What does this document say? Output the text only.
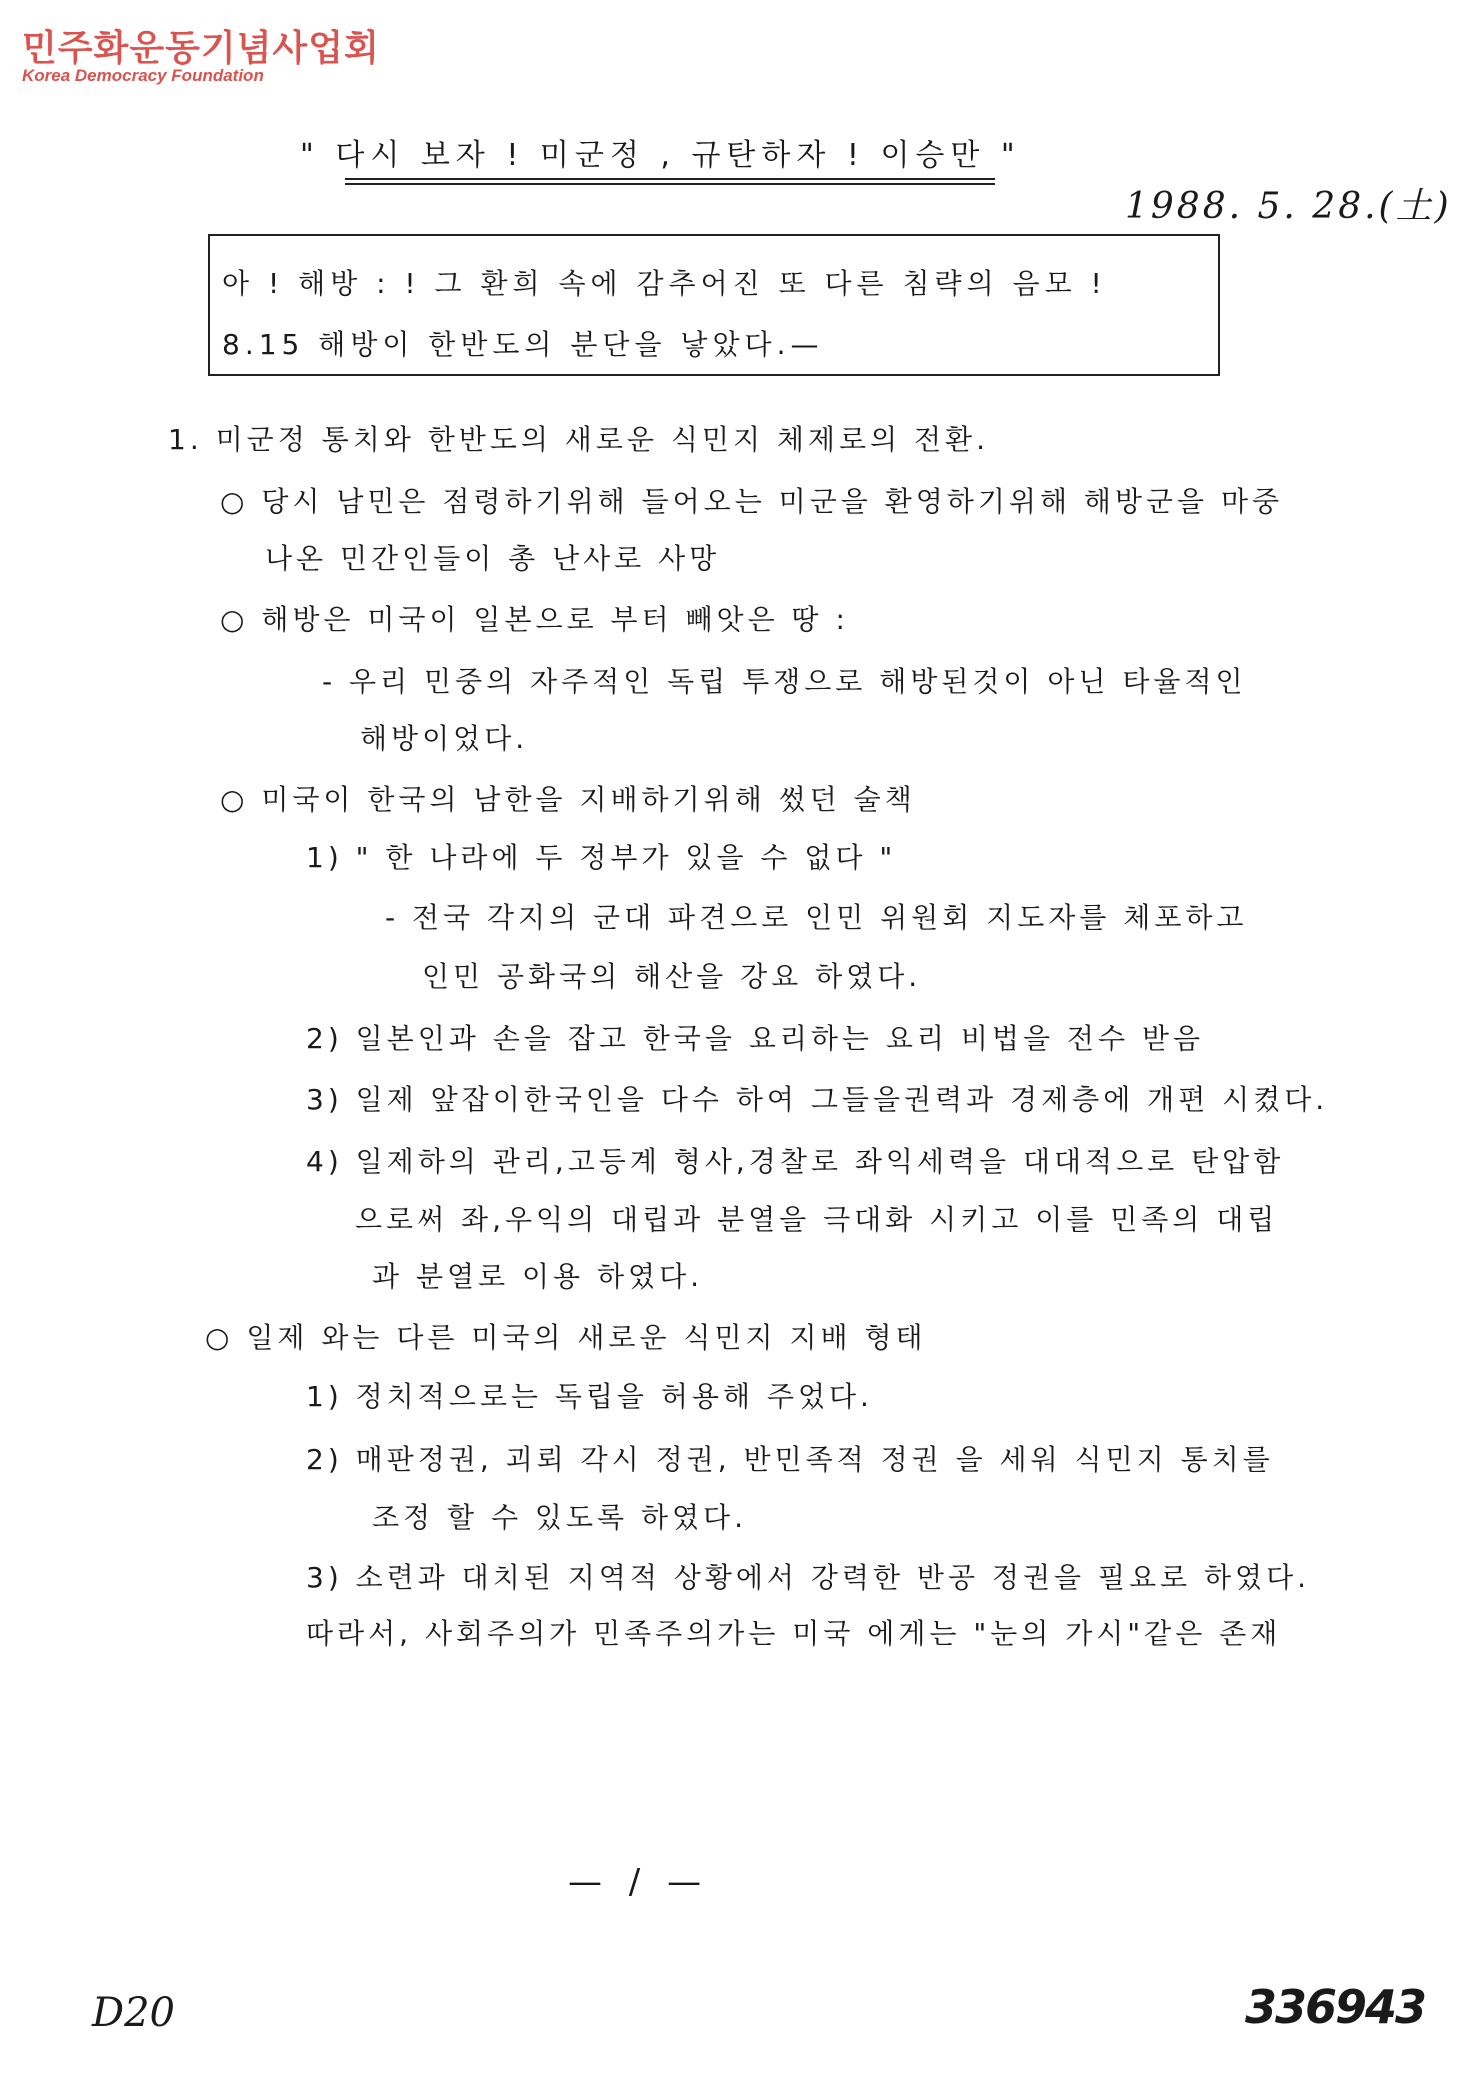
민주화운동기념사업회
Korea Democracy Foundation
" 다시 보자 ! 미군정 , 규탄하자 ! 이승만 "
1988. 5. 28.(土)
아 ! 해방 : ! 그 환희 속에 감추어진 또 다른 침략의 음모 !
8.15 해방이 한반도의 분단을 낳았다.—
1. 미군정 통치와 한반도의 새로운 식민지 체제로의 전환.
○ 당시 남민은 점령하기위해 들어오는 미군을 환영하기위해 해방군을 마중
나온 민간인들이 총 난사로 사망
○ 해방은 미국이 일본으로 부터 빼앗은 땅 :
- 우리 민중의 자주적인 독립 투쟁으로 해방된것이 아닌 타율적인
해방이었다.
○ 미국이 한국의 남한을 지배하기위해 썼던 술책
1) " 한 나라에 두 정부가 있을 수 없다 "
- 전국 각지의 군대 파견으로 인민 위원회 지도자를 체포하고
인민 공화국의 해산을 강요 하였다.
2) 일본인과 손을 잡고 한국을 요리하는 요리 비법을 전수 받음
3) 일제 앞잡이한국인을 다수 하여 그들을권력과 경제층에 개편 시켰다.
4) 일제하의 관리,고등계 형사,경찰로 좌익세력을 대대적으로 탄압함
으로써 좌,우익의 대립과 분열을 극대화 시키고 이를 민족의 대립
과 분열로 이용 하였다.
○ 일제 와는 다른 미국의 새로운 식민지 지배 형태
1) 정치적으로는 독립을 허용해 주었다.
2) 매판정권, 괴뢰 각시 정권, 반민족적 정권 을 세워 식민지 통치를
조정 할 수 있도록 하였다.
3) 소련과 대치된 지역적 상황에서 강력한 반공 정권을 필요로 하였다.
따라서, 사회주의가 민족주의가는 미국 에게는 "눈의 가시"같은 존재
— / —
D20	336943
